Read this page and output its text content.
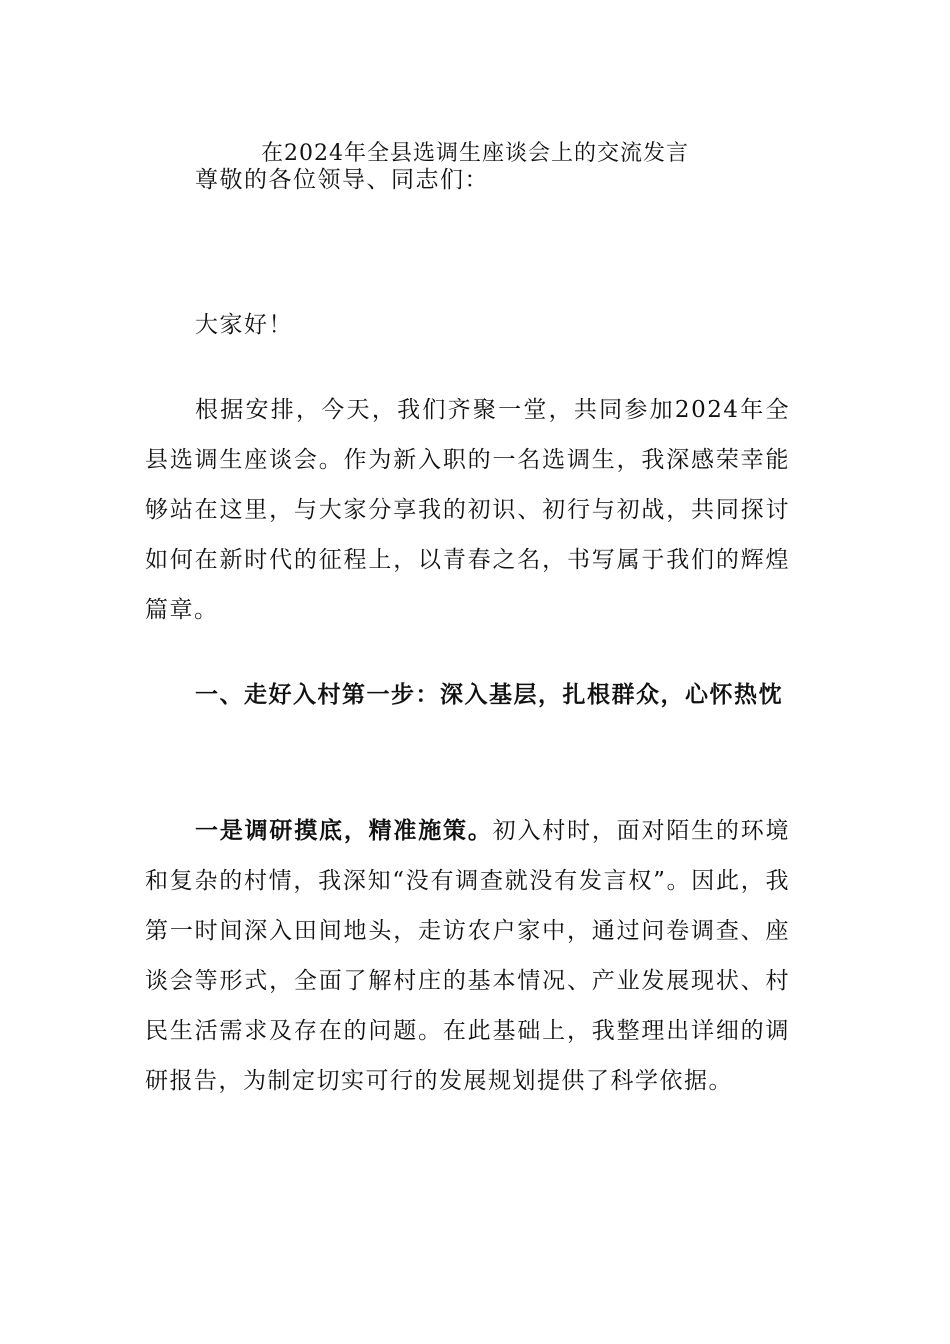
在2024年全县选调生座谈会上的交流发言

尊敬的各位领导、同志们：

大家好！

根据安排，今天，我们齐聚一堂，共同参加2024年全县选调生座谈会。作为新入职的一名选调生，我深感荣幸能够站在这里，与大家分享我的初识、初行与初战，共同探讨如何在新时代的征程上，以青春之名，书写属于我们的辉煌篇章。

一、走好入村第一步：深入基层，扎根群众，心怀热忱

一是调研摸底，精准施策。初入村时，面对陌生的环境和复杂的村情，我深知“没有调查就没有发言权”。因此，我第一时间深入田间地头，走访农户家中，通过问卷调查、座谈会等形式，全面了解村庄的基本情况、产业发展现状、村民生活需求及存在的问题。在此基础上，我整理出详细的调研报告，为制定切实可行的发展规划提供了科学依据。
